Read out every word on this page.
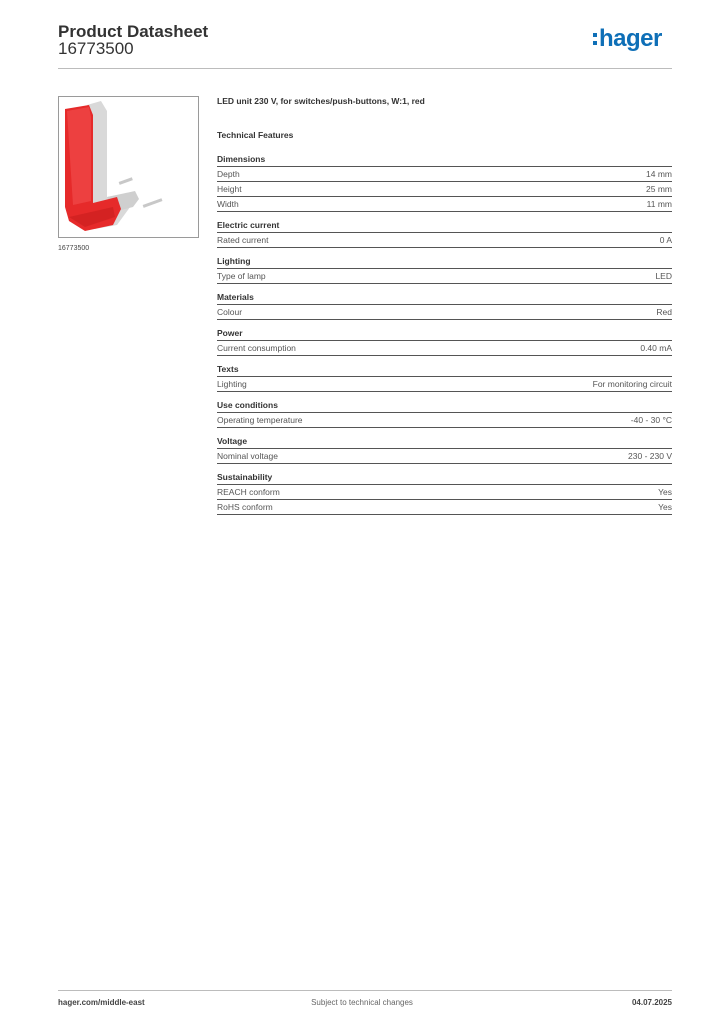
Product Datasheet
16773500	hager
16773500
LED unit 230 V, for switches/push-buttons, W:1, red
Technical Features
Dimensions
Depth	14 mm
Height	25 mm
Width	11 mm
Electric current
Rated current	0 A
Lighting
Type of lamp	LED
Materials
Colour	Red
Power
Current consumption	0.40 mA
Texts
Lighting	For monitoring circuit
Use conditions
Operating temperature	-40 - 30 °C
Voltage
Nominal voltage	230 - 230 V
Sustainability
REACH conform	Yes
RoHS conform	Yes
hager.com/middle-east	Subject to technical changes	04.07.2025
